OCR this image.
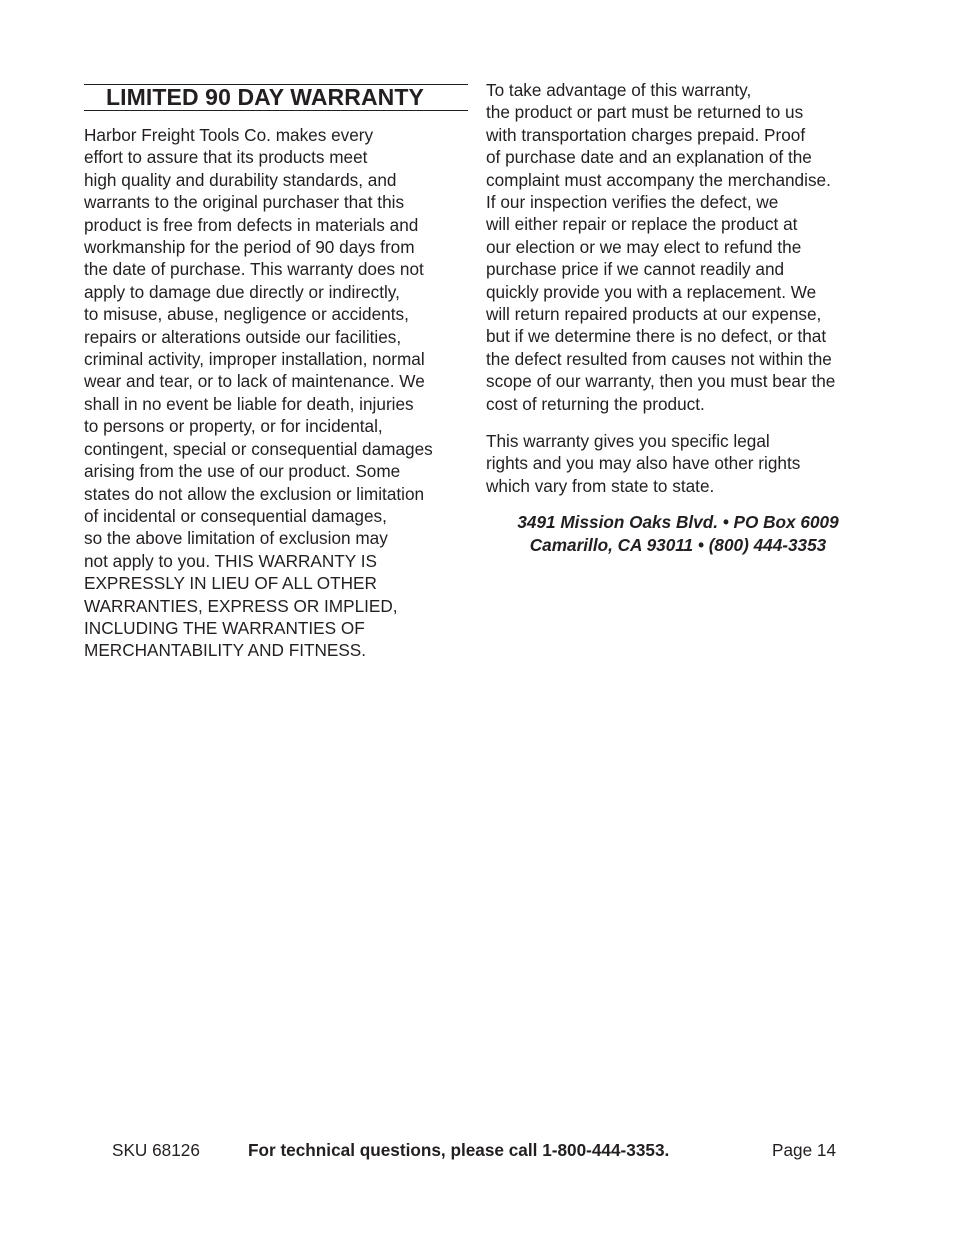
LIMITED 90 DAY WARRANTY
Harbor Freight Tools Co. makes every
effort to assure that its products meet
high quality and durability standards, and
warrants to the original purchaser that this
product is free from defects in materials and
workmanship for the period of 90 days from
the date of purchase. This warranty does not
apply to damage due directly or indirectly,
to misuse, abuse, negligence or accidents,
repairs or alterations outside our facilities,
criminal activity, improper installation, normal
wear and tear, or to lack of maintenance. We
shall in no event be liable for death, injuries
to persons or property, or for incidental,
contingent, special or consequential damages
arising from the use of our product. Some
states do not allow the exclusion or limitation
of incidental or consequential damages,
so the above limitation of exclusion may
not apply to you. THIS WARRANTY IS
EXPRESSLY IN LIEU OF ALL OTHER
WARRANTIES, EXPRESS OR IMPLIED,
INCLUDING THE WARRANTIES OF
MERCHANTABILITY AND FITNESS.
To take advantage of this warranty,
the product or part must be returned to us
with transportation charges prepaid. Proof
of purchase date and an explanation of the
complaint must accompany the merchandise.
If our inspection verifies the defect, we
will either repair or replace the product at
our election or we may elect to refund the
purchase price if we cannot readily and
quickly provide you with a replacement. We
will return repaired products at our expense,
but if we determine there is no defect, or that
the defect resulted from causes not within the
scope of our warranty, then you must bear the
cost of returning the product.
This warranty gives you specific legal
rights and you may also have other rights
which vary from state to state.
3491 Mission Oaks Blvd. • PO Box 6009
Camarillo, CA 93011 • (800) 444-3353
SKU 68126	For technical questions, please call 1-800-444-3353.	Page 14
